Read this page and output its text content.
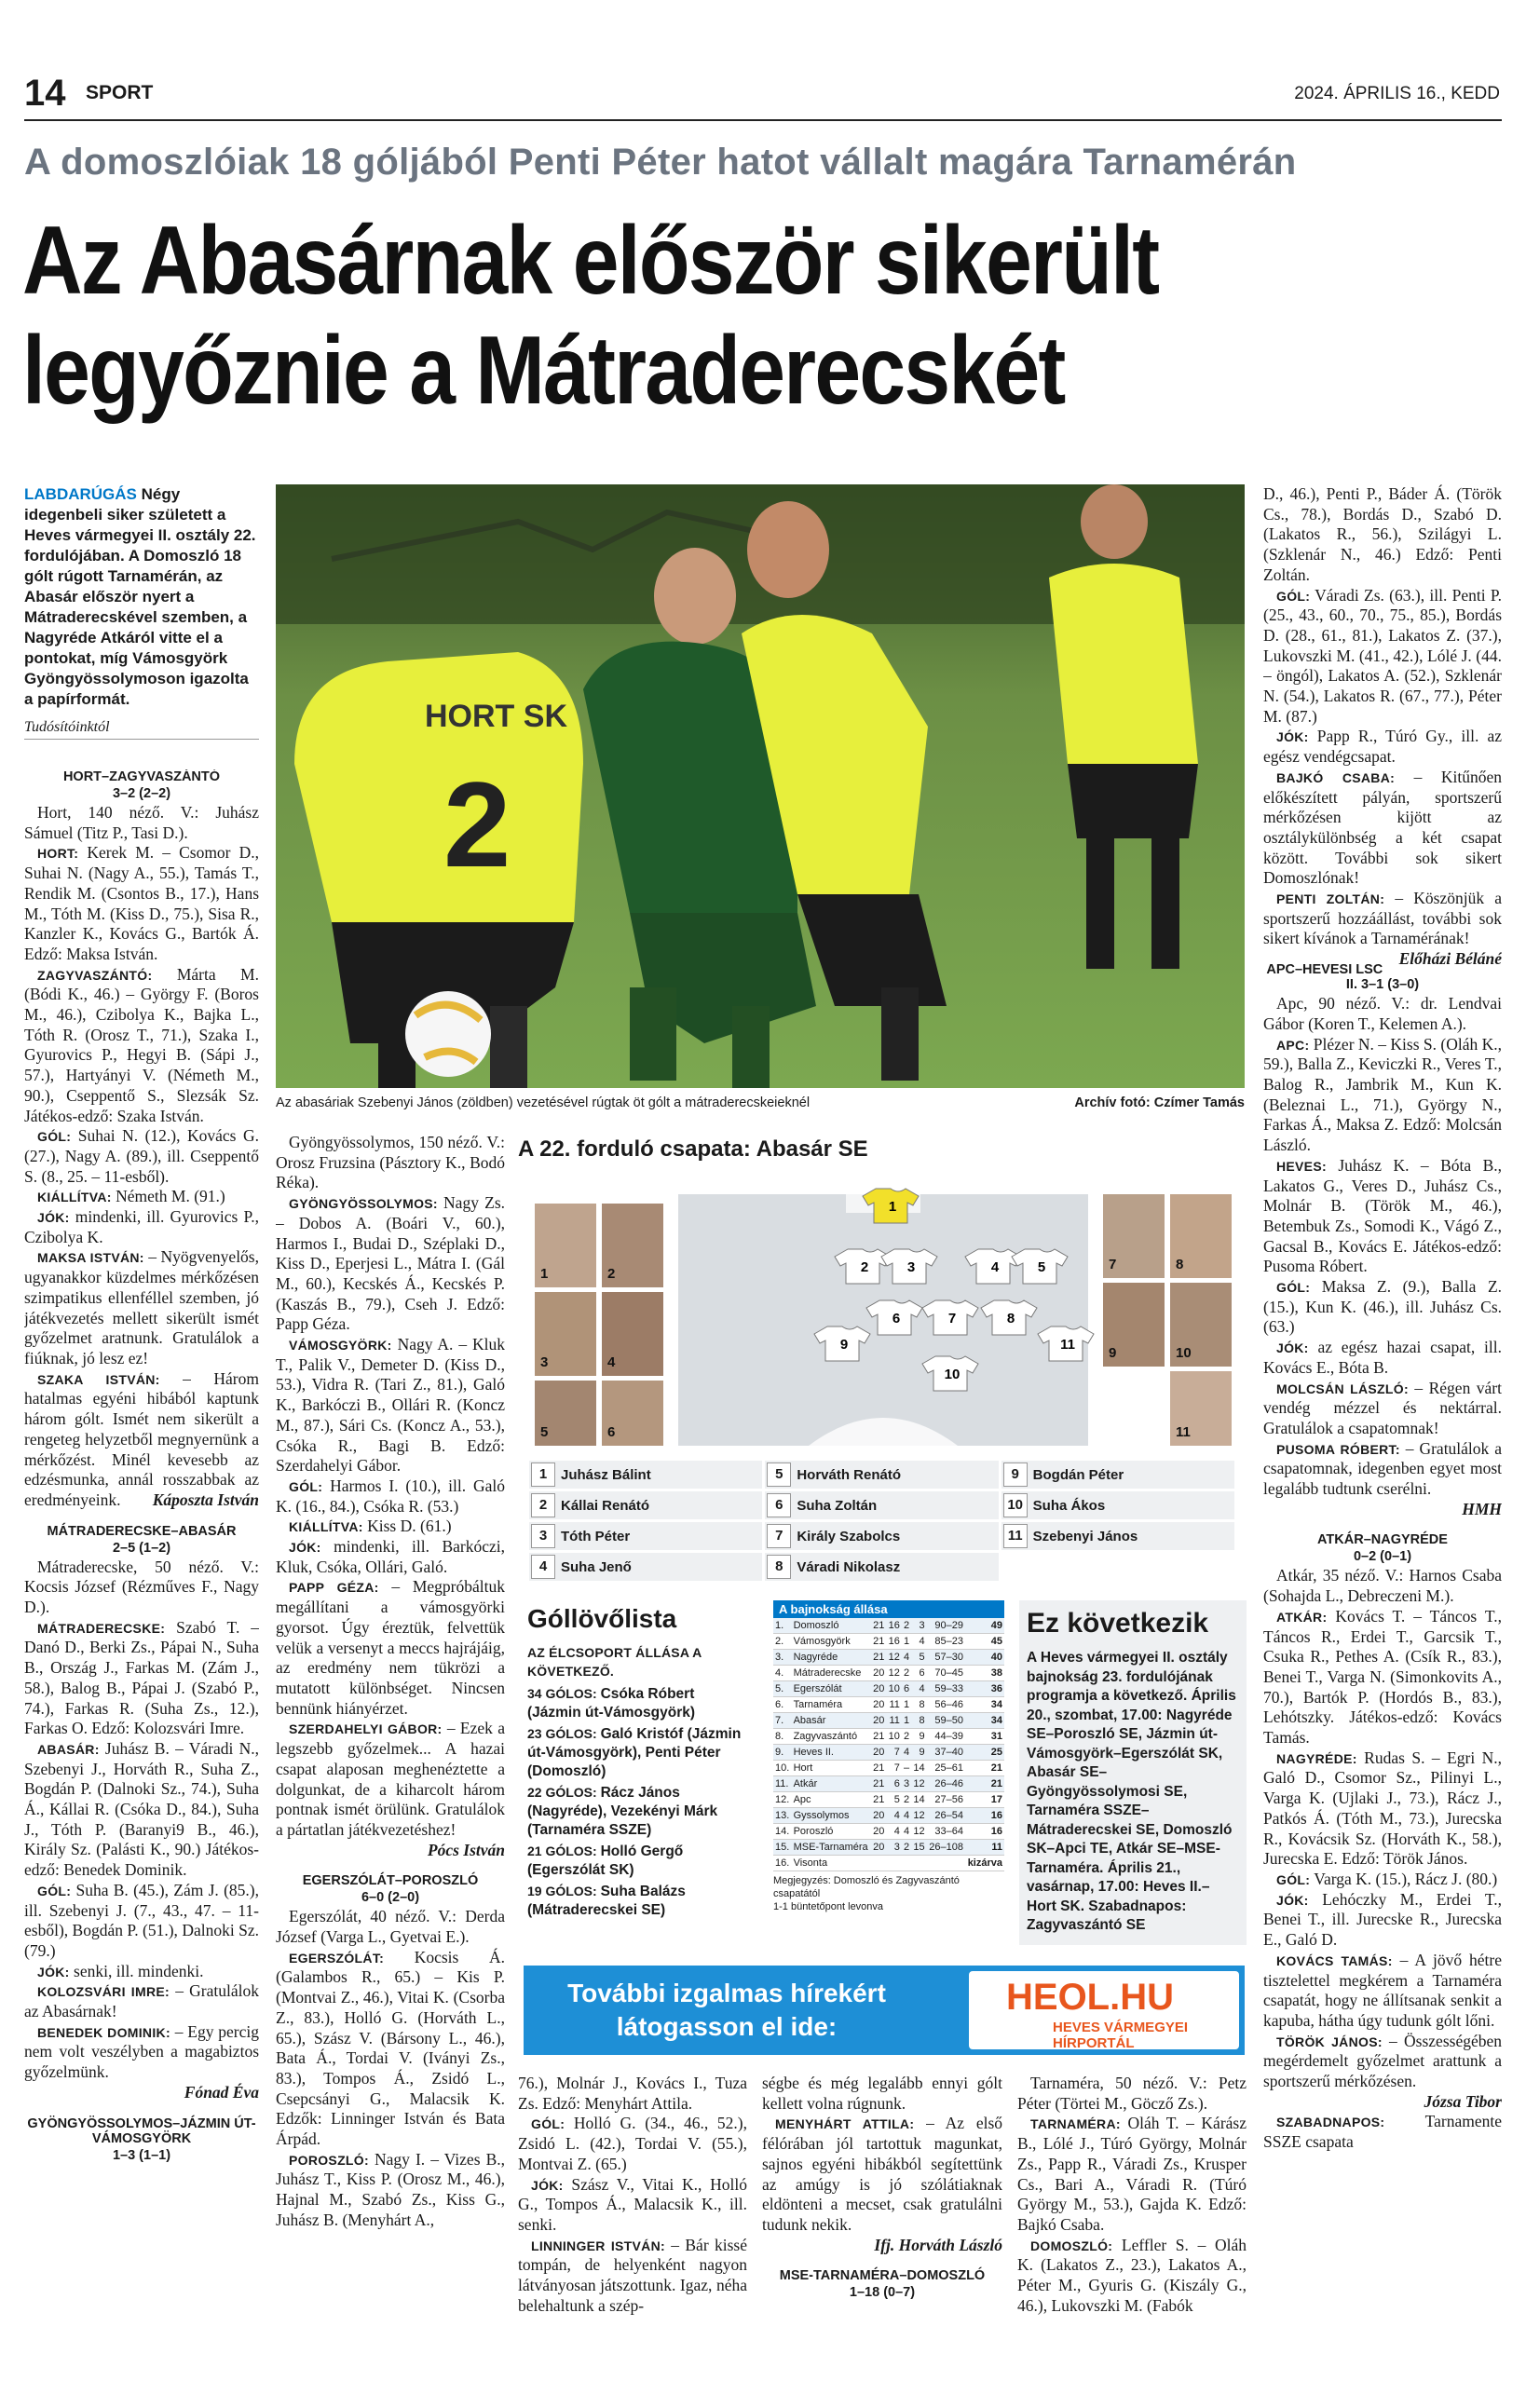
14 SPORT	2024. ÁPRILIS 16., KEDD
A domoszlóiak 18 góljából Penti Péter hatot vállalt magára Tarnamérán
Az Abasárnak először sikerült
legyőznie a Mátraderecskét
LABDARÚGÁS Négy idegenbeli siker született a Heves vármegyei II. osztály 22. fordulójában. A Domoszló 18 gólt rúgott Tarnamérán, az Abasár először nyert a Mátraderecskével szemben, a Nagyréde Atkáról vitte el a pontokat, míg Vámosgyörk Gyöngyössolymoson igazolta a papírformát.
Tudósítóinktól

HORT–ZAGYVASZÁNTÓ

3–2 (2–2)

Hort, 140 néző. V.: Juhász Sámuel (Titz P., Tasi D.).

HORT: Kerek M. – Csomor D., Suhai N. (Nagy A., 55.), Tamás T., Rendik M. (Csontos B., 17.), Hans M., Tóth M. (Kiss D., 75.), Sisa R., Kanzler K., Kovács G., Bartók Á. Edző: Maksa István.

ZAGYVASZÁNTÓ: Márta M. (Bódi K., 46.) – György F. (Boros M., 46.), Czibolya K., Bajka L., Tóth R. (Orosz T., 71.), Szaka I., Gyurovics P., Hegyi B. (Sápi J., 57.), Hartyányi V. (Németh M., 90.), Cseppentő S., Slezsák Sz. Játékos-edző: Szaka István.

GÓL: Suhai N. (12.), Kovács G. (27.), Nagy A. (89.), ill. Cseppentő S. (8., 25. – 11-esből).

KIÁLLÍTVA: Németh M. (91.)

JÓK: mindenki, ill. Gyurovics P., Czibolya K.

MAKSA ISTVÁN: – Nyögvenyelős, ugyanakkor küzdelmes mérkőzésen szimpatikus ellenféllel szemben, jó játékvezetés mellett sikerült ismét győzelmet aratnunk. Gratulálok a fiúknak, jó lesz ez!

SZAKA ISTVÁN: – Három hatalmas egyéni hibából kaptunk három gólt. Ismét nem sikerült a rengeteg helyzetből megnyernünk a mérkőzést. Minél kevesebb az edzésmunka, annál rosszabbak az eredményeink.	Káposzta István

MÁTRADERECSKE–ABASÁR

2–5 (1–2)

Mátraderecske, 50 néző. V.: Kocsis József (Rézműves F., Nagy D.).

MÁTRADERECSKE: Szabó T. – Danó D., Berki Zs., Pápai N., Suha B., Ország J., Farkas M. (Zám J., 58.), Balog B., Pápai J. (Szabó P., 74.), Farkas R. (Suha Zs., 12.), Farkas O. Edző: Kolozsvári Imre.

ABASÁR: Juhász B. – Váradi N., Szebenyi J., Horváth R., Suha Z., Bogdán P. (Dalnoki Sz., 74.), Suha Á., Kállai R. (Csóka D., 84.), Suha J., Tóth P. (Baranyi9 B., 46.), Király Sz. (Palásti K., 90.) Játékos-edző: Benedek Dominik.

GÓL: Suha B. (45.), Zám J. (85.), ill. Szebenyi J. (7., 43., 47. – 11-esből), Bogdán P. (51.), Dalnoki Sz. (79.)

JÓK: senki, ill. mindenki.

KOLOZSVÁRI IMRE: – Gratulálok az Abasárnak!

BENEDEK DOMINIK: – Egy percig nem volt veszélyben a magabiztos győzelmünk.

Fónad Éva

GYÖNGYÖSSOLYMOS–JÁZMIN ÚT-VÁMOSGYÖRK

1–3 (1–1)

HORT SK
2
Az abasáriak Szebenyi János (zöldben) vezetésével rúgtak öt gólt a mátraderecskeieknél	Archív fotó: Czímer Tamás

Gyöngyössolymos, 150 néző. V.: Orosz Fruzsina (Pásztory K., Bodó Réka).

GYÖNGYÖSSOLYMOS: Nagy Zs. – Dobos A. (Boári V., 60.), Harmos I., Budai D., Széplaki D., Kiss D., Eperjesi L., Mátra I. (Gál M., 60.), Kecskés Á., Kecskés P. (Kaszás B., 79.), Cseh J. Edző: Papp Géza.

VÁMOSGYÖRK: Nagy A. – Kluk T., Palik V., Demeter D. (Kiss D., 53.), Vidra R. (Tari Z., 81.), Galó K., Barkóczi B., Ollári R. (Koncz M., 87.), Sári Cs. (Koncz A., 53.), Csóka R., Bagi B. Edző: Szerdahelyi Gábor.

GÓL: Harmos I. (10.), ill. Galó K. (16., 84.), Csóka R. (53.)

KIÁLLÍTVA: Kiss D. (61.)

JÓK: mindenki, ill. Barkóczi, Kluk, Csóka, Ollári, Galó.

PAPP GÉZA: – Megpróbáltuk megállítani a vámosgyörki gyorsot. Úgy éreztük, felvettük velük a versenyt a meccs hajrájáig, az eredmény nem tükrözi a mutatott különbséget. Nincsen bennünk hiányérzet.

SZERDAHELYI GÁBOR: – Ezek a legszebb győzelmek... A hazai csapat alaposan meghenéztette a dolgunkat, de a kiharcolt három pontnak ismét örülünk. Gratulálok a pártatlan játékvezetéshez!

Pócs István

EGERSZÓLÁT–POROSZLÓ

6–0 (2–0)

Egerszólát, 40 néző. V.: Derda József (Varga L., Gyetvai E.).

EGERSZÓLÁT: Kocsis Á. (Galambos R., 65.) – Kis P. (Montvai Z., 46.), Vitai K. (Csorba Z., 83.), Holló G. (Horváth L., 65.), Szász V. (Bársony L., 46.), Bata Á., Tordai V. (Iványi Zs., 83.), Tompos Á., Zsidó L., Csepcsányi G., Malacsik K. Edzők: Linninger István és Bata Árpád.

POROSZLÓ: Nagy I. – Vizes B., Juhász T., Kiss P. (Orosz M., 46.), Hajnal M., Szabó Zs., Kiss G., Juhász B. (Menyhárt A.,

A 22. forduló csapata: Abasár SE
1
2	3	4	5
6	7	8
9
10
11
1	2
3	4
5	6
7	8
10
9
11
1 Juhász Bálint	5 Horváth Renátó	9 Bogdán Péter
2 Kállai Renátó	6 Suha Zoltán	10 Suha Ákos
3 Tóth Péter	7 Király Szabolcs	11 Szebenyi János
4 Suha Jenő	8 Váradi Nikolasz
Góllövőlista
AZ ÉLCSOPORT ÁLLÁSA A KÖVETKEZŐ.
34 GÓLOS: Csóka Róbert (Jázmin út-Vámosgyörk)
23 GÓLOS: Galó Kristóf (Jázmin út-Vámosgyörk), Penti Péter (Domoszló)
22 GÓLOS: Rácz János (Nagyréde), Vezekényi Márk (Tarnaméra SSZE)
21 GÓLOS: Holló Gergő (Egerszólát SK)
19 GÓLOS: Suha Balázs (Mátraderecskei SE)
A bajnokság állása
1.	Domoszló	21	16	2	3	90–29	49
2.	Vámosgyörk	21	16	1	4	85–23	45
3.	Nagyréde	21	12	4	5	57–30	40
4.	Mátraderecske	20	12	2	6	70–45	38
5.	Egerszólát	20	10	6	4	59–33	36
6.	Tarnaméra	20	11	1	8	56–46	34
7.	Abasár	20	11	1	8	59–50	34
8.	Zagyvaszántó	21	10	2	9	44–39	31
9.	Heves II.	20	7	4	9	37–40	25
10.	Hort	21	7	–	14	25–61	21
11.	Atkár	21	6	3	12	26–46	21
12.	Apc	21	5	2	14	27–56	17
13.	Gyssolymos	20	4	4	12	26–54	16
14.	Poroszló	20	4	4	12	33–64	16
15.	MSE-Tarnaméra	20	3	2	15	26–108	11
16.	Visonta						kizárva
Megjegyzés: Domoszló és Zagyvaszántó csapatától
1-1 büntetőpont levonva
Ez következik
A Heves vármegyei II. osztály bajnokság 23. fordulójának programja a következő. Április 20., szombat, 17.00: Nagyréde SE–Poroszló SE, Jázmin út-Vámosgyörk–Egerszólát SK, Abasár SE–Gyöngyössolymosi SE, Tarnaméra SSZE–Mátraderecskei SE, Domoszló SK–Apci TE, Atkár SE–MSE-Tarnaméra. Április 21., vasárnap, 17.00: Heves II.–Hort SK. Szabadnapos: Zagyvaszántó SE
További izgalmas hírekért látogasson el ide:
HEOL.HU
HEVES VÁRMEGYEI
HÍRPORTÁL

76.), Molnár J., Kovács I., Tuza Zs. Edző: Menyhárt Attila.

GÓL: Holló G. (34., 46., 52.), Zsidó L. (42.), Tordai V. (55.), Montvai Z. (65.)

JÓK: Szász V., Vitai K., Holló G., Tompos Á., Malacsik K., ill. senki.

LINNINGER ISTVÁN: – Bár kissé tompán, de helyenként nagyon látványosan játszottunk. Igaz, néha belehaltunk a szép-

ségbe és még legalább ennyi gólt kellett volna rúgnunk.

MENYHÁRT ATTILA: – Az első félórában jól tartottuk magunkat, sajnos egyéni hibákból segítettünk az amúgy is jó szólátiaknak eldönteni a mecset, csak gratulálni tudunk nekik.

Ifj. Horváth László

MSE-TARNAMÉRA–DOMOSZLÓ

1–18 (0–7)

Tarnaméra, 50 néző. V.: Petz Péter (Törtei M., Göcző Zs.).

TARNAMÉRA: Oláh T. – Kárász B., Lólé J., Túró György, Molnár Zs., Papp R., Váradi Zs., Krusper Cs., Bari A., Váradi R. (Túró György M., 53.), Gajda K. Edző: Bajkó Csaba.

DOMOSZLÓ: Leffler S. – Oláh K. (Lakatos Z., 23.), Lakatos A., Péter M., Gyuris G. (Kiszály G., 46.), Lukovszki M. (Fabók

D., 46.), Penti P., Báder Á. (Török Cs., 78.), Bordás D., Szabó D. (Lakatos R., 56.), Szilágyi L. (Szklenár N., 46.) Edző: Penti Zoltán.

GÓL: Váradi Zs. (63.), ill. Penti P. (25., 43., 60., 70., 75., 85.), Bordás D. (28., 61., 81.), Lakatos Z. (37.), Lukovszki M. (41., 42.), Lólé J. (44. – öngól), Lakatos A. (52.), Szklenár N. (54.), Lakatos R. (67., 77.), Péter M. (87.)

JÓK: Papp R., Túró Gy., ill. az egész vendégcsapat.

BAJKÓ CSABA: – Kitűnően előkészített pályán, sportszerű mérkőzésen kijött az osztálykülönbség a két csapat között. További sok sikert Domoszlónak!

PENTI ZOLTÁN: – Köszönjük a sportszerű hozzáállást, további sok sikert kívánok a Tarnamérának!
Előházi Béláné

APC–HEVESI LSC II. 3–1 (3–0)

Apc, 90 néző. V.: dr. Lendvai Gábor (Koren T., Kelemen A.).

APC: Plézer N. – Kiss S. (Oláh K., 59.), Balla Z., Keviczki R., Veres T., Balog R., Jambrik M., Kun K. (Beleznai L., 71.), György N., Farkas Á., Maksa Z. Edző: Molcsán László.

HEVES: Juhász K. – Bóta B., Lakatos G., Veres D., Juhász Cs., Molnár B. (Török M., 46.), Betembuk Zs., Somodi K., Vágó Z., Gacsal B., Kovács E. Játékos-edző: Pusoma Róbert.

GÓL: Maksa Z. (9.), Balla Z. (15.), Kun K. (46.), ill. Juhász Cs. (63.)

JÓK: az egész hazai csapat, ill. Kovács E., Bóta B.

MOLCSÁN LÁSZLÓ: – Régen várt vendég mézzel és nektárral. Gratulálok a csapatomnak!

PUSOMA RÓBERT: – Gratulálok a csapatomnak, idegenben egyet most legalább tudtunk cserélni.

HMH

ATKÁR–NAGYRÉDE

0–2 (0–1)

Atkár, 35 néző. V.: Harnos Csaba (Sohajda L., Debreczeni M.).

ATKÁR: Kovács T. – Táncos T., Táncos R., Erdei T., Garcsik T., Csuka R., Pethes A. (Csík R., 83.), Benei T., Varga N. (Simonkovits A., 70.), Bartók P. (Hordós B., 83.), Lehótszky. Játékos-edző: Kovács Tamás.

NAGYRÉDE: Rudas S. – Egri N., Galó D., Csomor Sz., Pilinyi L., Varga K. (Ujlaki J., 73.), Rácz J., Patkós Á. (Tóth M., 73.), Jurecska R., Kovácsik Sz. (Horváth K., 58.), Jurecska E. Edző: Török János.

GÓL: Varga K. (15.), Rácz J. (80.)

JÓK: Lehóczky M., Erdei T., Benei T., ill. Jurecske R., Jurecska E., Galó D.

KOVÁCS TAMÁS: – A jövő hétre tisztelettel megkérem a Tarnaméra csapatát, hogy ne állítsanak senkit a kapuba, hátha úgy tudunk gólt lőni.

TÖRÖK JÁNOS: – Összességében megérdemelt győzelmet arattunk a sportszerű mérkőzésen.

Józsa Tibor

SZABADNAPOS: Tarnamente SSZE csapata
